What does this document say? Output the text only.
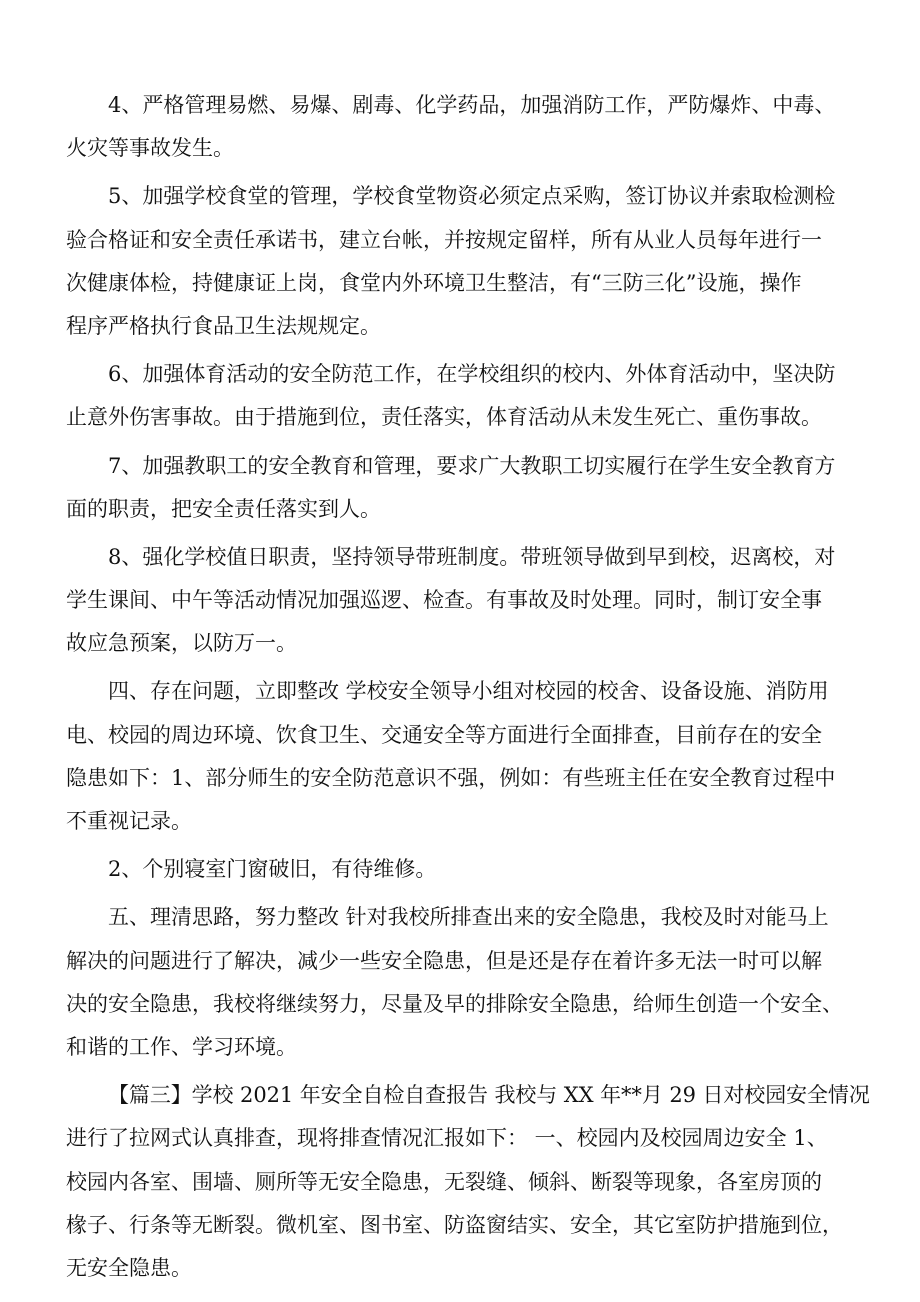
4、严格管理易燃、易爆、剧毒、化学药品，加强消防工作，严防爆炸、中毒、
火灾等事故发生。
5、加强学校食堂的管理，学校食堂物资必须定点采购，签订协议并索取检测检
验合格证和安全责任承诺书，建立台帐，并按规定留样，所有从业人员每年进行一
次健康体检，持健康证上岗，食堂内外环境卫生整洁，有“三防三化”设施，操作
程序严格执行食品卫生法规规定。
6、加强体育活动的安全防范工作，在学校组织的校内、外体育活动中，坚决防
止意外伤害事故。由于措施到位，责任落实，体育活动从未发生死亡、重伤事故。
7、加强教职工的安全教育和管理，要求广大教职工切实履行在学生安全教育方
面的职责，把安全责任落实到人。
8、强化学校值日职责，坚持领导带班制度。带班领导做到早到校，迟离校，对
学生课间、中午等活动情况加强巡逻、检查。有事故及时处理。同时，制订安全事
故应急预案，以防万一。
四、存在问题，立即整改 学校安全领导小组对校园的校舍、设备设施、消防用
电、校园的周边环境、饮食卫生、交通安全等方面进行全面排查，目前存在的安全
隐患如下：1、部分师生的安全防范意识不强，例如：有些班主任在安全教育过程中
不重视记录。
2、个别寝室门窗破旧，有待维修。
五、理清思路，努力整改 针对我校所排查出来的安全隐患，我校及时对能马上
解决的问题进行了解决，减少一些安全隐患，但是还是存在着许多无法一时可以解
决的安全隐患，我校将继续努力，尽量及早的排除安全隐患，给师生创造一个安全、
和谐的工作、学习环境。
【篇三】学校 2021 年安全自检自查报告 我校与 XX 年**月 29 日对校园安全情况
进行了拉网式认真排查，现将排查情况汇报如下： 一、校园内及校园周边安全 1、
校园内各室、围墙、厕所等无安全隐患，无裂缝、倾斜、断裂等现象，各室房顶的
椽子、行条等无断裂。微机室、图书室、防盗窗结实、安全，其它室防护措施到位，
无安全隐患。
